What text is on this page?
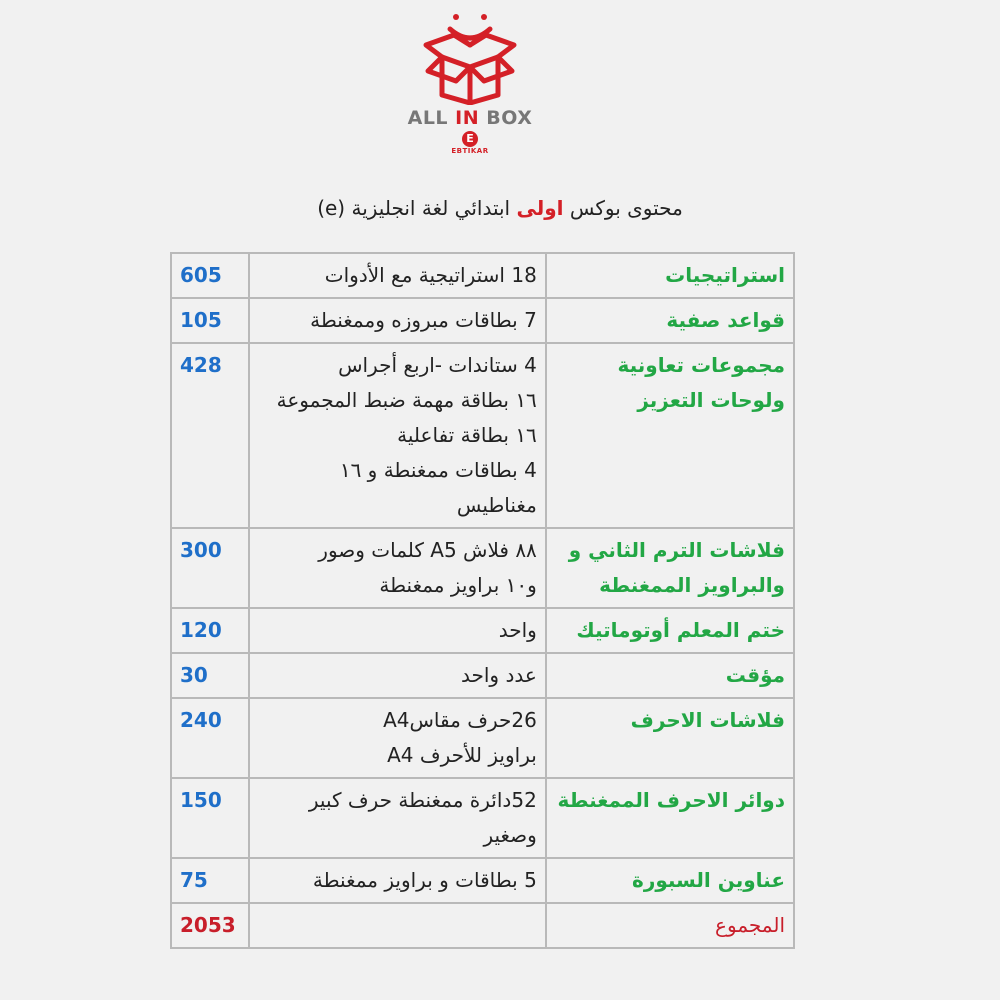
ALL IN BOX
E
EBTIKAR
محتوى بوكس اولى ابتدائي لغة انجليزية (e)
استراتيجيات	18 استراتيجية مع الأدوات	605
قواعد صفية	7 بطاقات مبروزه وممغنطة	105
مجموعات تعاونية ولوحات التعزيز	4 ستاندات -اربع أجراس
١٦ بطاقة مهمة ضبط المجموعة
١٦ بطاقة تفاعلية
4 بطاقات ممغنطة و ١٦ مغناطيس	428
فلاشات الترم الثاني و والبراويز الممغنطة	٨٨ فلاش A5 كلمات وصور
و١٠ براويز ممغنطة	300
ختم المعلم أوتوماتيك	واحد	120
مؤقت	عدد واحد	30
فلاشات الاحرف	26حرف مقاسA4
براويز للأحرف A4	240
دوائر الاحرف الممغنطة	52دائرة ممغنطة حرف كبير وصغير	150
عناوين السبورة	5 بطاقات و براويز ممغنطة	75
المجموع		2053
